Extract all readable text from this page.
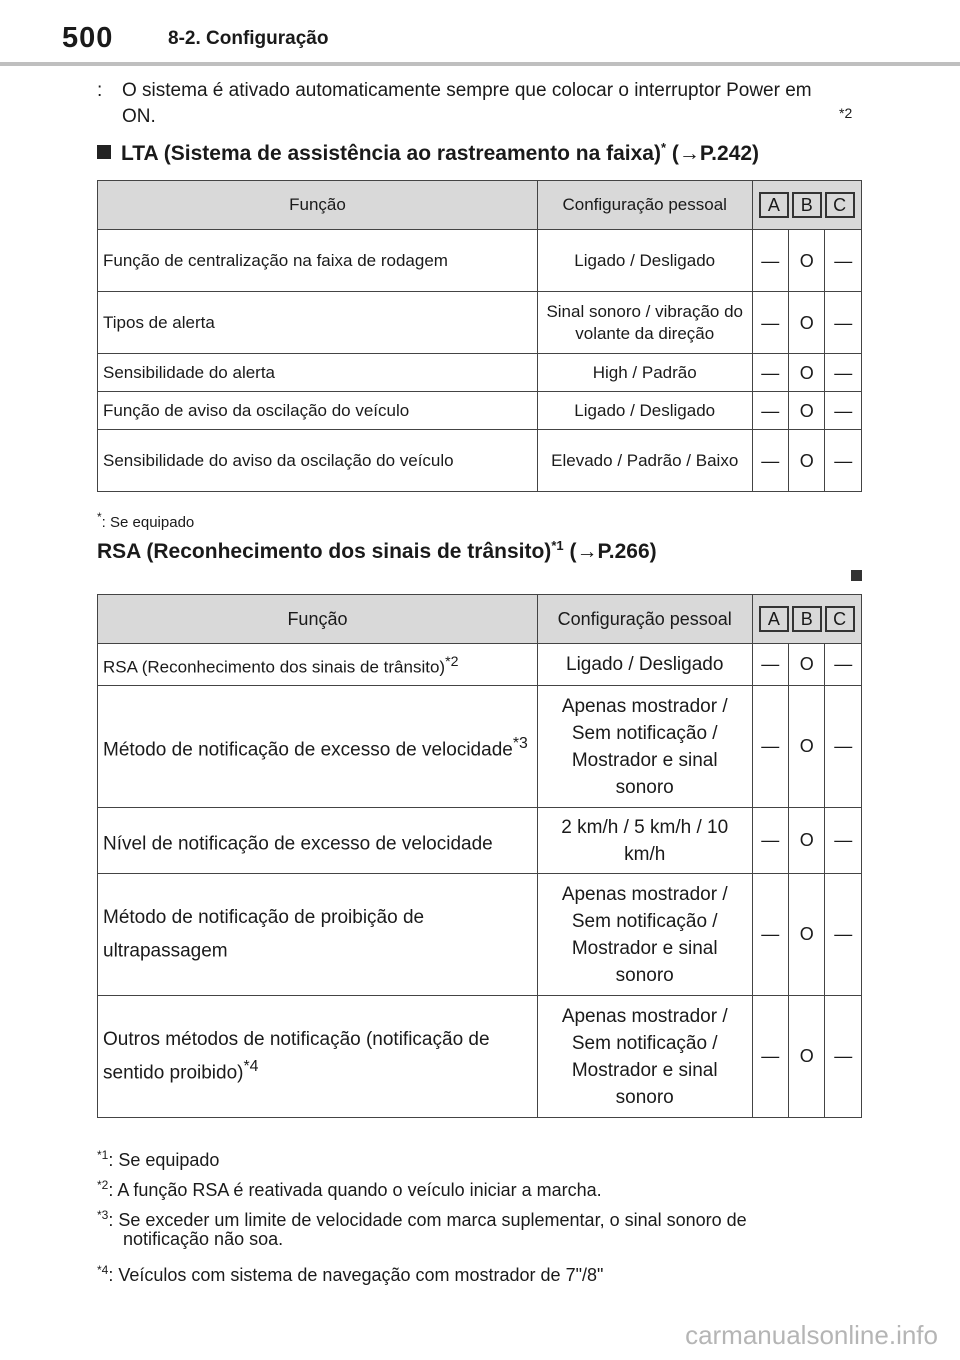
500	8-2. Configuração
: O sistema é ativado automaticamente sempre que colocar o interruptor Power em ON.	*2
LTA (Sistema de assistência ao rastreamento na faixa)* (→P.242)
Função	Configuração pessoal	A B C		

Função de centralização na faixa de rodagem	Ligado / Desligado	—	O	—
Tipos de alerta	Sinal sonoro / vibração do volante da direção	—	O	—
Sensibilidade do alerta	High / Padrão	—	O	—
Função de aviso da oscilação do veículo	Ligado / Desligado	—	O	—
Sensibilidade do aviso da oscilação do veículo	Elevado / Padrão / Baixo	—	O	—
*: Se equipado
RSA (Reconhecimento dos sinais de trânsito)$^{*1}$ (→P.266)
Função	Configuração pessoal	A B C		

RSA (Reconhecimento dos sinais de trânsito)$^{*2}$	Ligado / Desligado	—	O	—
Método de notificação de excesso de velocidade$^{*3}$	Apenas mostrador / Sem notificação / Mostrador e sinal sonoro	—	O	—
Nível de notificação de excesso de velocidade	2 km/h / 5 km/h / 10 km/h	—	O	—
Método de notificação de proibição de ultrapassagem	Apenas mostrador / Sem notificação / Mostrador e sinal sonoro	—	O	—
Outros métodos de notificação (notificação de sentido proibido)$^{*4}$	Apenas mostrador / Sem notificação / Mostrador e sinal sonoro	—	O	—
$^{*1}$: Se equipado
$^{*2}$: A função RSA é reativada quando o veículo iniciar a marcha.
$^{*3}$: Se exceder um limite de velocidade com marca suplementar, o sinal sonoro de
notificação não soa.
$^{*4}$: Veículos com sistema de navegação com mostrador de 7"/8"
carmanualsonline.info
